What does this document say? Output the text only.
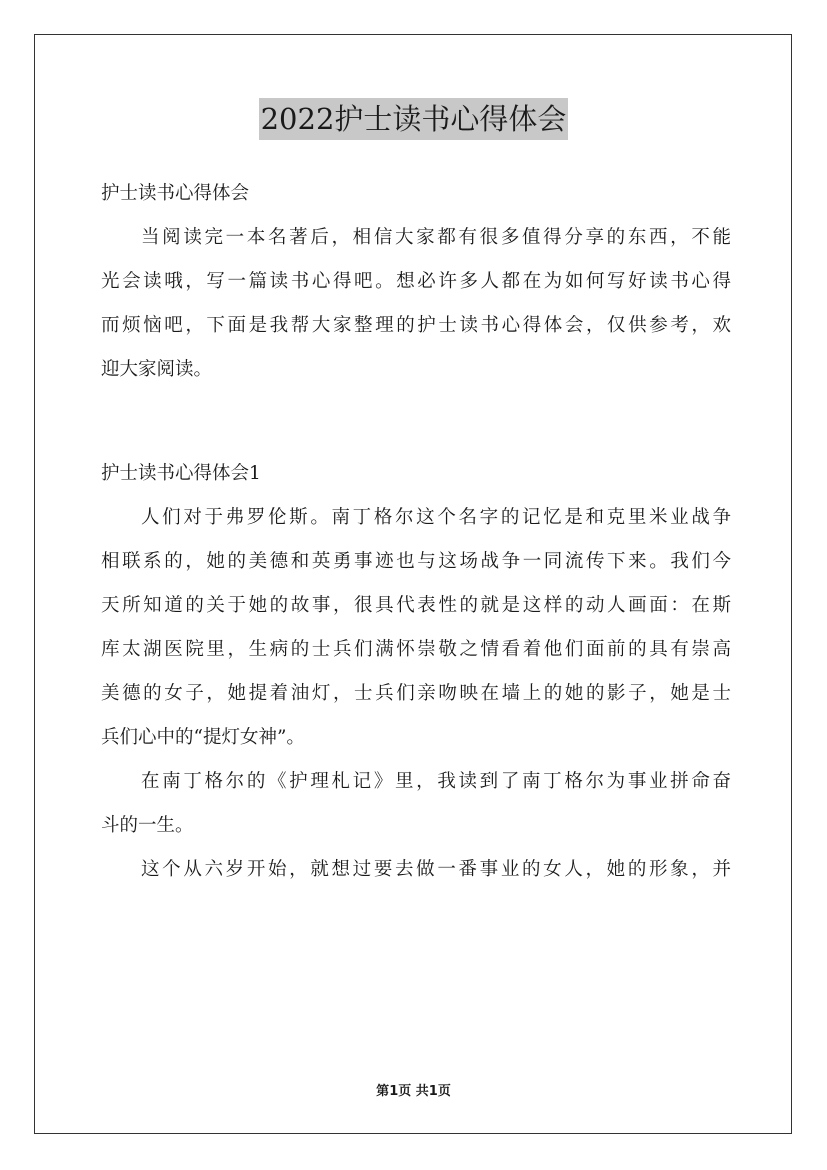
2022护士读书心得体会
护士读书心得体会
当阅读完一本名著后，相信大家都有很多值得分享的东西，不能
光会读哦，写一篇读书心得吧。想必许多人都在为如何写好读书心得
而烦恼吧，下面是我帮大家整理的护士读书心得体会，仅供参考，欢
迎大家阅读。
护士读书心得体会1
人们对于弗罗伦斯。南丁格尔这个名字的记忆是和克里米业战争
相联系的，她的美德和英勇事迹也与这场战争一同流传下来。我们今
天所知道的关于她的故事，很具代表性的就是这样的动人画面：在斯
库太湖医院里，生病的士兵们满怀崇敬之情看着他们面前的具有崇高
美德的女子，她提着油灯，士兵们亲吻映在墙上的她的影子，她是士
兵们心中的“提灯女神”。
在南丁格尔的《护理札记》里，我读到了南丁格尔为事业拼命奋
斗的一生。
这个从六岁开始，就想过要去做一番事业的女人，她的形象，并
第1页 共1页
